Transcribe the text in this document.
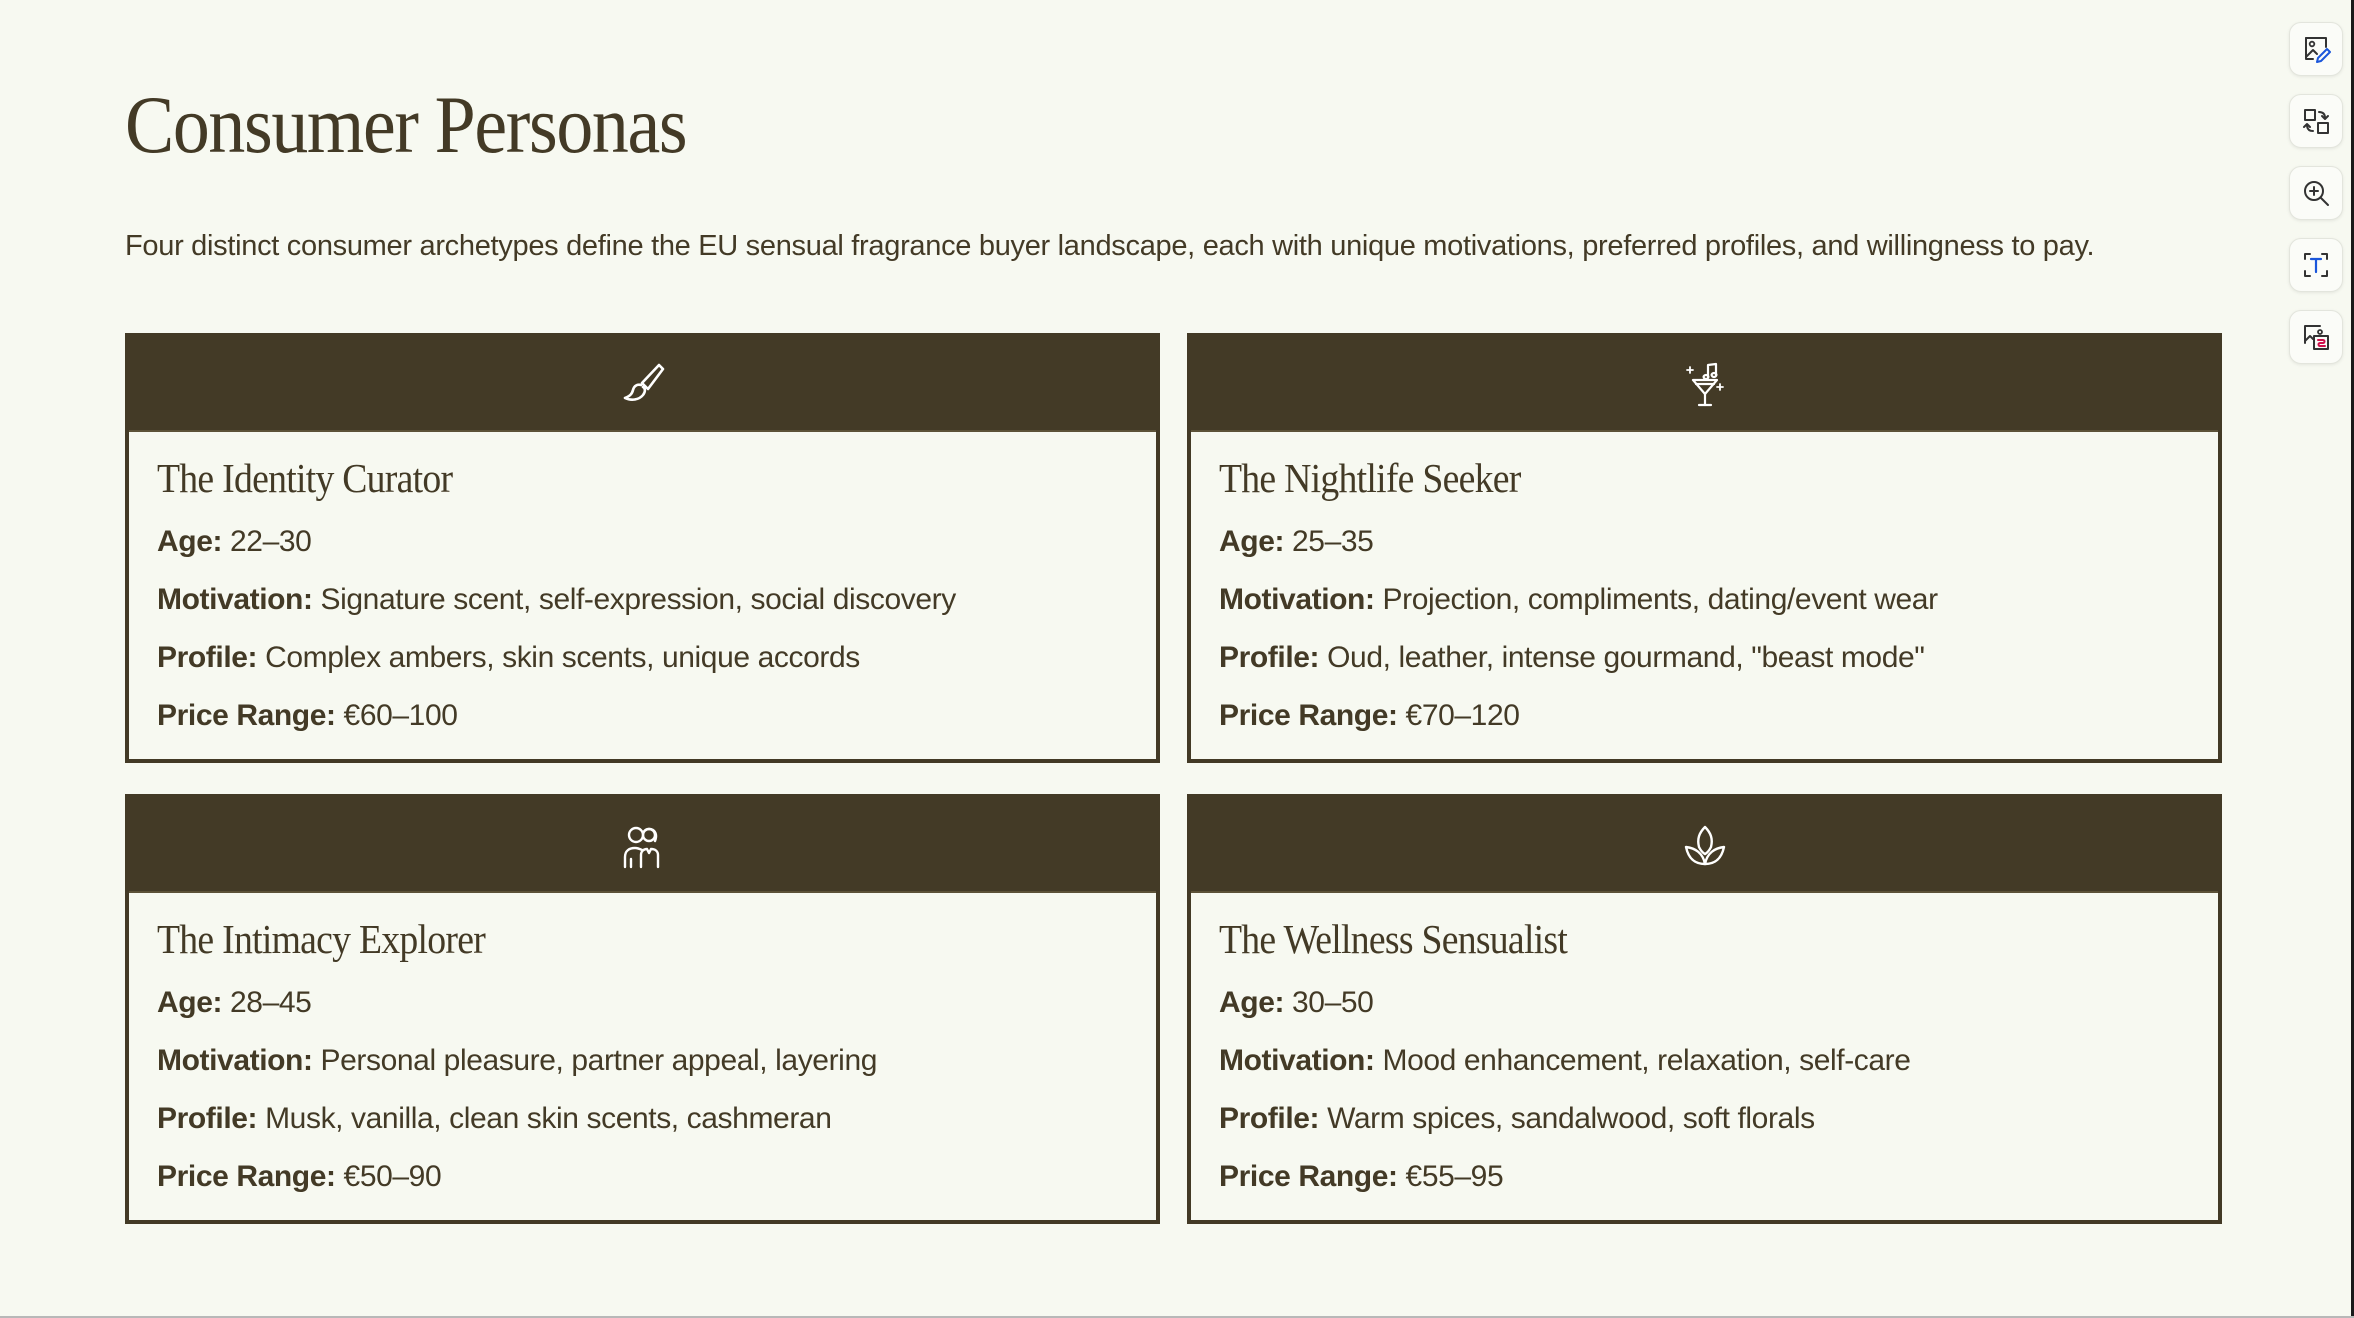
Consumer Personas

Four distinct consumer archetypes define the EU sensual fragrance buyer landscape, each with unique motivations, preferred profiles, and willingness to pay.

The Identity Curator
Age: 22–30
Motivation: Signature scent, self-expression, social discovery
Profile: Complex ambers, skin scents, unique accords
Price Range: €60–100
The Nightlife Seeker
Age: 25–35
Motivation: Projection, compliments, dating/event wear
Profile: Oud, leather, intense gourmand, "beast mode"
Price Range: €70–120
The Intimacy Explorer
Age: 28–45
Motivation: Personal pleasure, partner appeal, layering
Profile: Musk, vanilla, clean skin scents, cashmeran
Price Range: €50–90
The Wellness Sensualist
Age: 30–50
Motivation: Mood enhancement, relaxation, self-care
Profile: Warm spices, sandalwood, soft florals
Price Range: €55–95
